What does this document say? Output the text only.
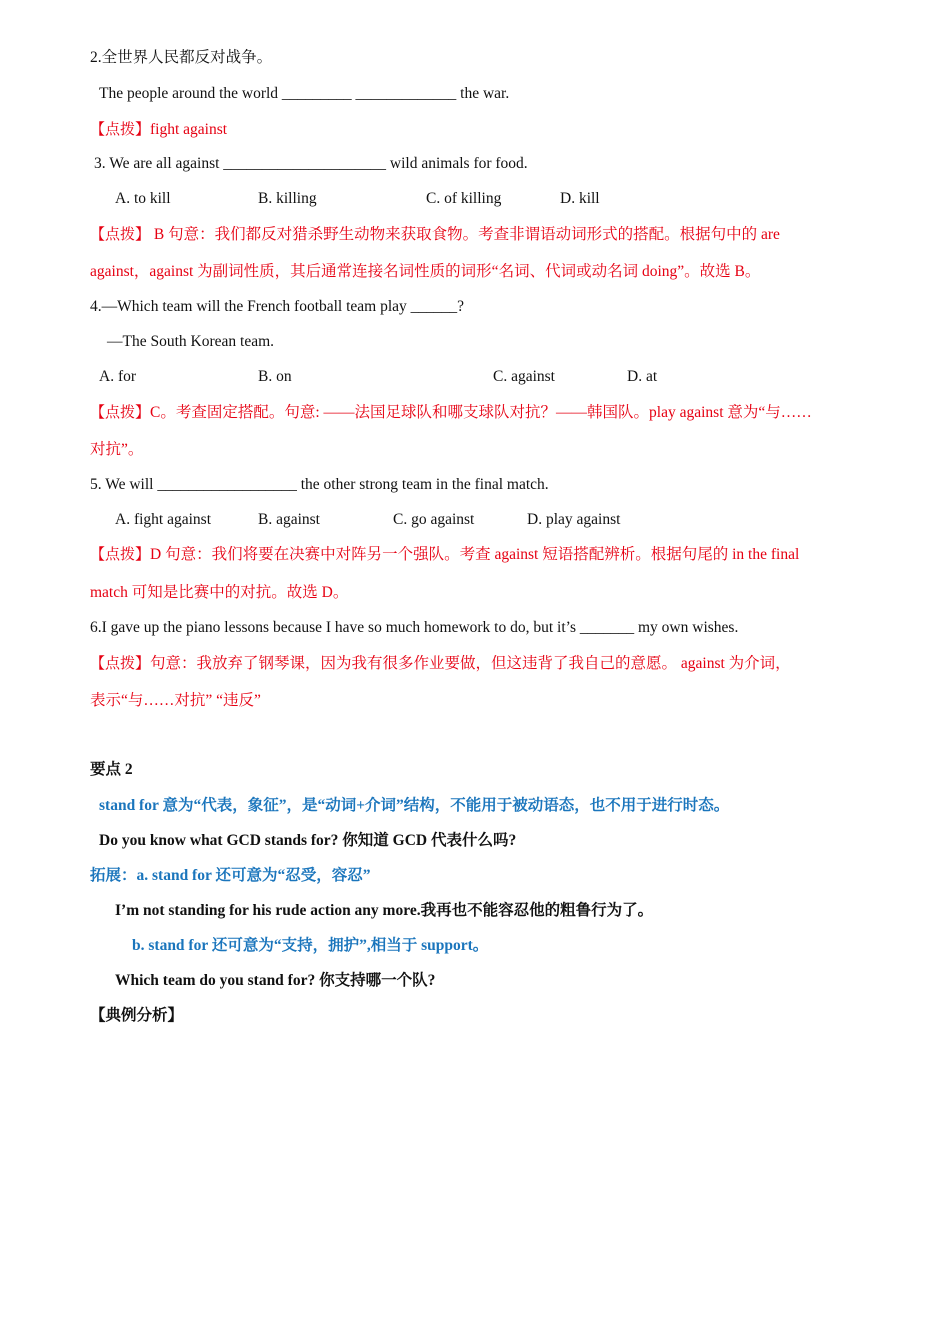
2.全世界人民都反对战争。
The people around the world _________ _____________ the war.
【点拨】fight against
3. We are all against _____________________ wild animals for food.
A. to kill	B. killing	C. of killing	D. kill
【点拨】 B 句意：我们都反对猎杀野生动物来获取食物。考查非谓语动词形式的搭配。根据句中的 are
against，against 为副词性质，其后通常连接名词性质的词形“名词、代词或动名词 doing”。故选 B。
4.—Which team will the French football team play ______?
—The South Korean team.
A. for	B. on	C. against	D. at
【点拨】C。考查固定搭配。句意: ——法国足球队和哪支球队对抗？——韩国队。play against 意为“与……
对抗”。
5. We will __________________ the other strong team in the final match.
A. fight against	B. against	C. go against	D. play against
【点拨】D 句意：我们将要在决赛中对阵另一个强队。考查 against 短语搭配辨析。根据句尾的 in the final
match 可知是比赛中的对抗。故选 D。
6.I gave up the piano lessons because I have so much homework to do, but it’s _______ my own wishes.
【点拨】句意：我放弃了钢琴课，因为我有很多作业要做，但这违背了我自己的意愿。 against 为介词，
表示“与……对抗” “违反”
要点 2
stand for 意为“代表，象征”，是“动词+介词”结构，不能用于被动语态，也不用于进行时态。
Do you know what GCD stands for? 你知道 GCD 代表什么吗?
拓展：a. stand for 还可意为“忍受，容忍”
I’m not standing for his rude action any more.我再也不能容忍他的粗鲁行为了。
b. stand for 还可意为“支持，拥护”,相当于 support。
Which team do you stand for? 你支持哪一个队?
【典例分析】
